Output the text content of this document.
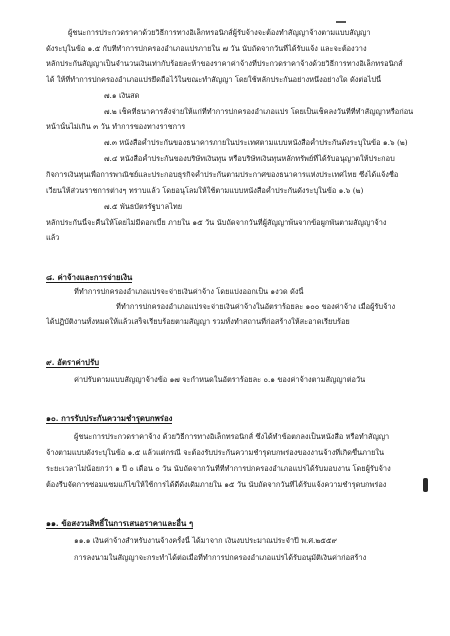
ผู้ชนะการประกวดราคาด้วยวิธีการทางอิเล็กทรอนิกส์ผู้รับจ้างจะต้องทำสัญญาจ้างตามแบบสัญญา
ดังระบุในข้อ ๑.๕ กับทีทำการปกครองอำเภอแปรภายใน ๗ วัน นับถัดจากวันที่ได้รับแจ้ง และจะต้องวาง
หลักประกันสัญญาเป็นจำนวนเงินเท่ากับร้อยละห้าของราคาค่าจ้างที่ประกวดราคาจ้างด้วยวิธีการทางอิเล็กทรอนิกส์
ได้ ให้ที่ทำการปกครองอำเภอแปรยึดถือไว้ในขณะทำสัญญา โดยใช้หลักประกันอย่างหนึ่งอย่างใด ดังต่อไปนี้
๗.๑ เงินสด
๗.๒ เช็คที่ธนาคารสั่งจ่ายให้แก่ที่ทำการปกครองอำเภอแปร โดยเป็นเช็คลงวันที่ที่ทำสัญญาหรือก่อน
หน้านั้นไม่เกิน ๓ วัน ทำการของทางราชการ
๗.๓ หนังสือค้ำประกันของธนาคารภายในประเทศตามแบบหนังสือค้ำประกันดังระบุในข้อ ๑.๖ (๒)
๗.๔ หนังสือค้ำประกันของบริษัทเงินทุน หรือบริษัทเงินทุนหลักทรัพย์ที่ได้รับอนุญาตให้ประกอบ
กิจการเงินทุนเพื่อการพาณิชย์และประกอบธุรกิจค้ำประกันตามประกาศของธนาคารแห่งประเทศไทย ซึ่งได้แจ้งชื่อ
เวียนให้ส่วนราชการต่างๆ ทราบแล้ว โดยอนุโลมให้ใช้ตามแบบหนังสือค้ำประกันดังระบุในข้อ ๑.๖ (๒)
๗.๕ พันธบัตรรัฐบาลไทย
หลักประกันนี้จะคืนให้โดยไม่มีดอกเบี้ย ภายใน ๑๕ วัน นับถัดจากวันที่ผู้สัญญาพ้นจากข้อผูกพันตามสัญญาจ้าง
แล้ว
๘. ค่าจ้างและการจ่ายเงิน
ที่ทำการปกครองอำเภอแปรจะจ่ายเงินค่าจ้าง โดยแบ่งออกเป็น ๑งวด ดังนี้
ที่ทำการปกครองอำเภอแปรจะจ่ายเงินค่าจ้างในอัตราร้อยละ ๑๐๐ ของค่าจ้าง เมื่อผู้รับจ้าง
ได้ปฏิบัติงานทั้งหมดให้แล้วเสร็จเรียบร้อยตามสัญญา รวมทั้งทำสถานที่ก่อสร้างให้สะอาดเรียบร้อย
๙. อัตราค่าปรับ
ค่าปรับตามแบบสัญญาจ้างข้อ ๑๗ จะกำหนดในอัตราร้อยละ ๐.๑ ของค่าจ้างตามสัญญาต่อวัน
๑๐. การรับประกันความชำรุดบกพร่อง
ผู้ชนะการประกวดราคาจ้าง ด้วยวิธีการทางอิเล็กทรอนิกส์ ซึ่งได้ทำข้อตกลงเป็นหนังสือ หรือทำสัญญา
จ้างตามแบบดังระบุในข้อ ๑.๕ แล้วแต่กรณี จะต้องรับประกันความชำรุดบกพร่องของงานจ้างที่เกิดขึ้นภายใน
ระยะเวลาไม่น้อยกว่า ๑ ปี ๐ เดือน ๐ วัน นับถัดจากวันที่ที่ทำการปกครองอำเภอแปรได้รับมอบงาน โดยผู้รับจ้าง
ต้องรีบจัดการซ่อมแซมแก้ไขให้ใช้การได้ดีดังเดิมภายใน ๑๕ วัน นับถัดจากวันที่ได้รับแจ้งความชำรุดบกพร่อง
๑๑. ข้อสงวนสิทธิ์ในการเสนอราคาและอื่น ๆ
๑๑.๑ เงินค่าจ้างสำหรับงานจ้างครั้งนี้ ได้มาจาก เงินงบประมาณประจำปี พ.ศ.๒๕๕๙
การลงนามในสัญญาจะกระทำได้ต่อเมื่อที่ทำการปกครองอำเภอแปรได้รับอนุมัติเงินค่าก่อสร้าง
